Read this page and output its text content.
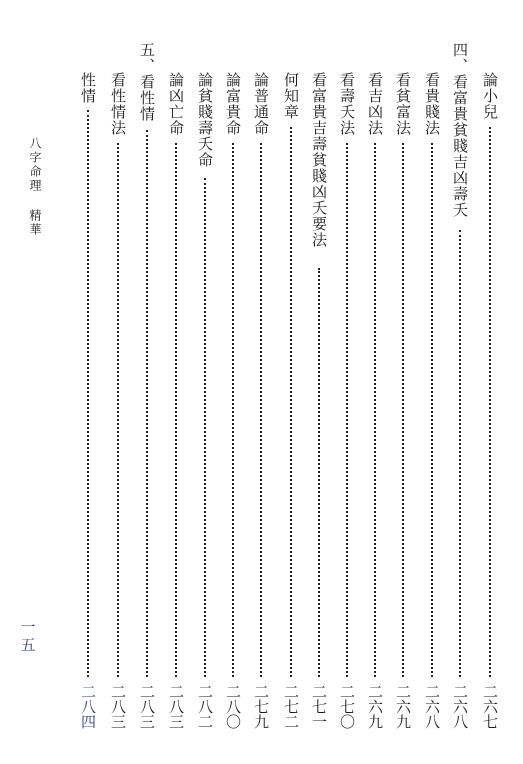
八字命理 精華
一
五
論小兒
二六七
四、看富貴貧賤吉凶壽夭
二六八
看貴賤法
二六八
看貧富法
二六九
看吉凶法
二六九
看壽夭法
二七〇
看富貴吉壽貧賤凶夭要法
二七一
何知章
二七二
論普通命
二七九
論富貴命
二八〇
論貧賤壽夭命
二八二
論凶亡命
二八三
五、看性情
二八三
看性情法
二八三
性情
二八四
